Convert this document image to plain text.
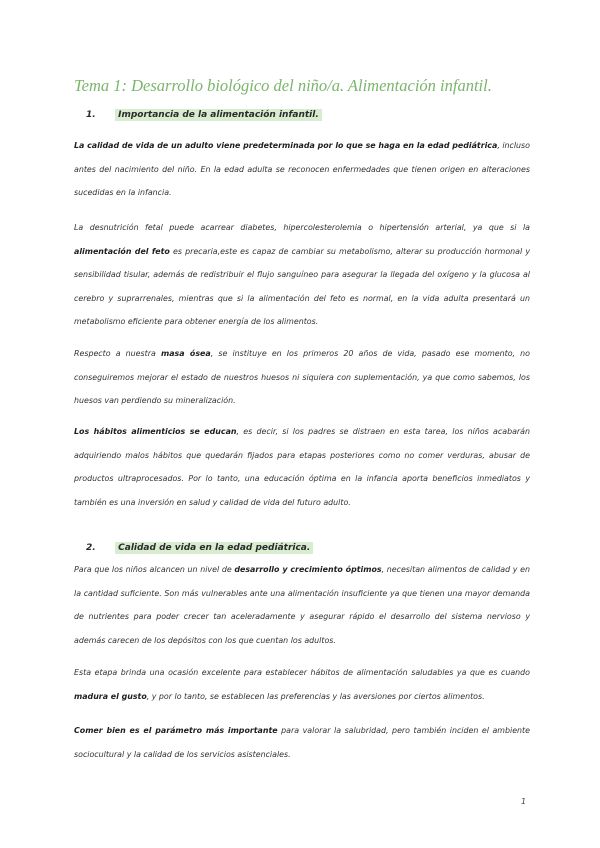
Tema 1: Desarrollo biológico del niño/a. Alimentación infantil.
1. Importancia de la alimentación infantil.

La calidad de vida de un adulto viene predeterminada por lo que se haga en la edad pediátrica, incluso antes del nacimiento del niño. En la edad adulta se reconocen enfermedades que tienen origen en alteraciones sucedidas en la infancia.

La desnutrición fetal puede acarrear diabetes, hipercolesterolemia o hipertensión arterial, ya que si la alimentación del feto es precaria,este es capaz de cambiar su metabolismo, alterar su producción hormonal y sensibilidad tisular, además de redistribuir el flujo sanguíneo para asegurar la llegada del oxígeno y la glucosa al cerebro y suprarrenales, mientras que si la alimentación del feto es normal, en la vida adulta presentará un metabolismo eficiente para obtener energía de los alimentos.

Respecto a nuestra masa ósea, se instituye en los primeros 20 años de vida, pasado ese momento, no conseguiremos mejorar el estado de nuestros huesos ni siquiera con suplementación, ya que como sabemos, los huesos van perdiendo su mineralización.

Los hábitos alimenticios se educan, es decir, si los padres se distraen en esta tarea, los niños acabarán adquiriendo malos hábitos que quedarán fijados para etapas posteriores como no comer verduras, abusar de productos ultraprocesados. Por lo tanto, una educación óptima en la infancia aporta beneficios inmediatos y también es una inversión en salud y calidad de vida del futuro adulto.

2. Calidad de vida en la edad pediátrica.

Para que los niños alcancen un nivel de desarrollo y crecimiento óptimos, necesitan alimentos de calidad y en la cantidad suficiente. Son más vulnerables ante una alimentación insuficiente ya que tienen una mayor demanda de nutrientes para poder crecer tan aceleradamente y asegurar rápido el desarrollo del sistema nervioso y además carecen de los depósitos con los que cuentan los adultos.

Esta etapa brinda una ocasión excelente para establecer hábitos de alimentación saludables ya que es cuando madura el gusto, y por lo tanto, se establecen las preferencias y las aversiones por ciertos alimentos.

Comer bien es el parámetro más importante para valorar la salubridad, pero también inciden el ambiente sociocultural y la calidad de los servicios asistenciales.

1
